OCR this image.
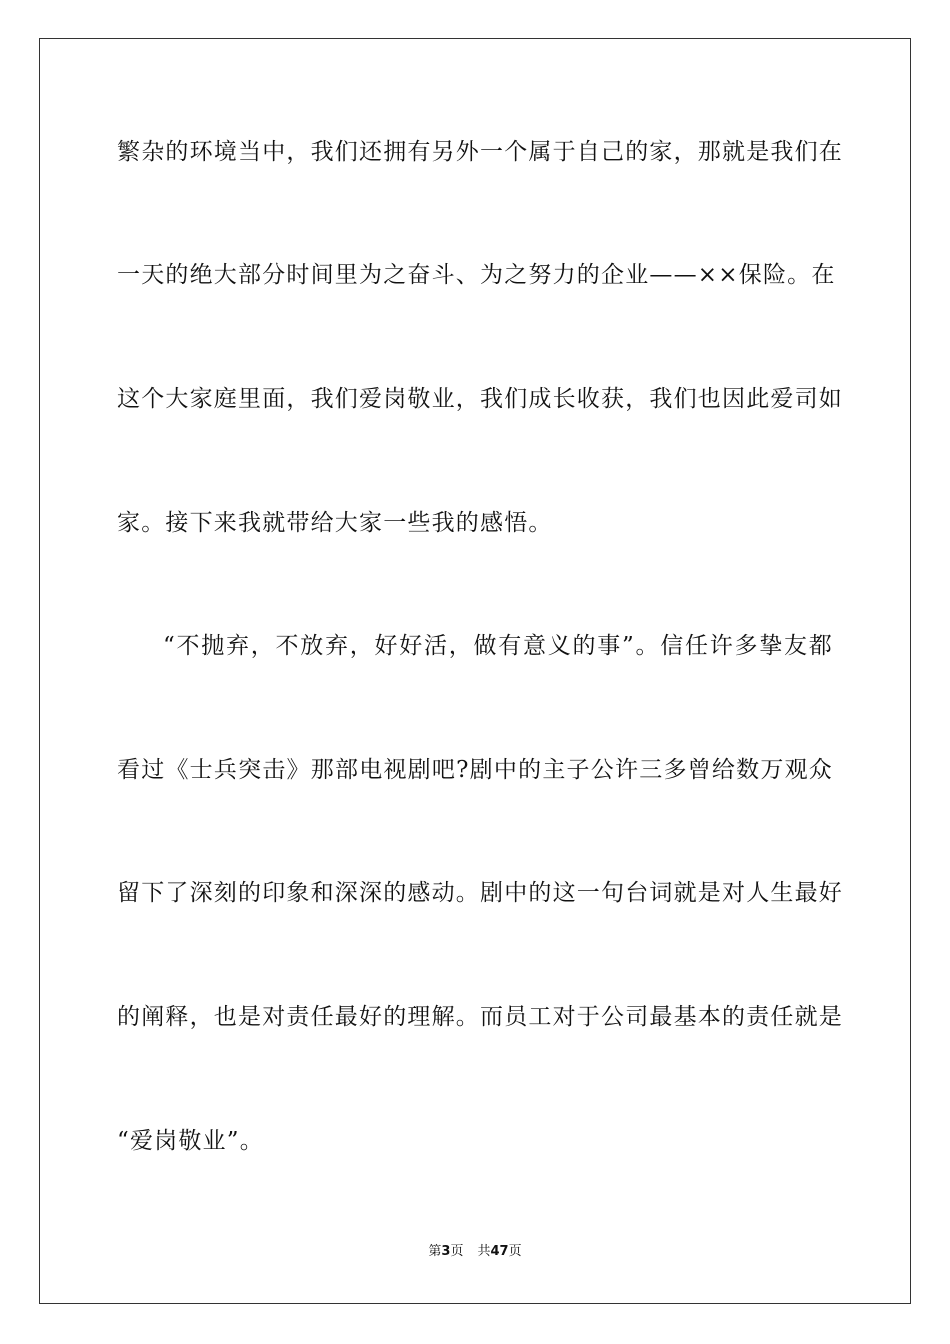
繁杂的环境当中，我们还拥有另外一个属于自己的家，那就是我们在
一天的绝大部分时间里为之奋斗、为之努力的企业——××保险。在
这个大家庭里面，我们爱岗敬业，我们成长收获，我们也因此爱司如
家。接下来我就带给大家一些我的感悟。
“不抛弃，不放弃，好好活，做有意义的事”。信任许多挚友都
看过《士兵突击》那部电视剧吧?剧中的主子公许三多曾给数万观众
留下了深刻的印象和深深的感动。剧中的这一句台词就是对人生最好
的阐释，也是对责任最好的理解。而员工对于公司最基本的责任就是
“爱岗敬业”。
第3页 共47页
